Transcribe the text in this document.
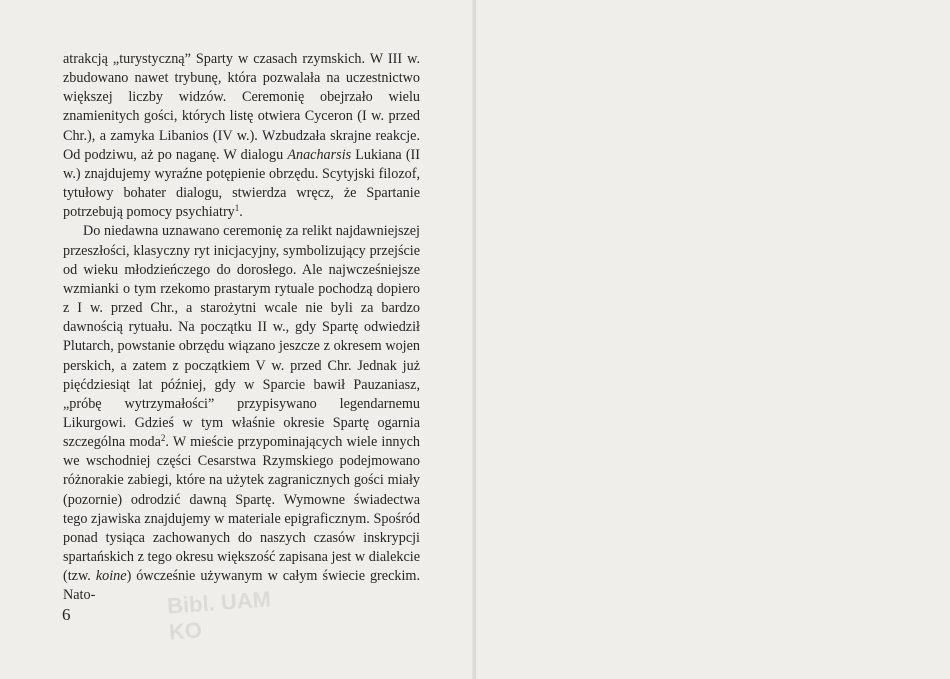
atrakcją „turystyczną” Sparty w czasach rzymskich. W III w. zbudowano nawet trybunę, która pozwalała na uczestnictwo większej liczby widzów. Ceremonię obejrzało wielu znamienitych gości, których listę otwiera Cyceron (I w. przed Chr.), a zamyka Libanios (IV w.). Wzbudzała skrajne reakcje. Od podziwu, aż po naganę. W dialogu Anacharsis Lukiana (II w.) znajdujemy wyraźne potępienie obrzędu. Scytyjski filozof, tytułowy bohater dialogu, stwierdza wręcz, że Spartanie potrzebują pomocy psychiatry$^1$.

Do niedawna uznawano ceremonię za relikt najdawniejszej przeszłości, klasyczny ryt inicjacyjny, symbolizujący przejście od wieku młodzieńczego do dorosłego. Ale najwcześniejsze wzmianki o tym rzekomo prastarym rytuale pochodzą dopiero z I w. przed Chr., a starożytni wcale nie byli za bardzo dawnością rytuału. Na początku II w., gdy Spartę odwiedził Plutarch, powstanie obrzędu wiązano jeszcze z okresem wojen perskich, a zatem z początkiem V w. przed Chr. Jednak już pięćdziesiąt lat później, gdy w Sparcie bawił Pauzaniasz, „próbę wytrzymałości” przypisywano legendarnemu Likurgowi. Gdzieś w tym właśnie okresie Spartę ogarnia szczególna moda$^2$. W mieście przypominających wiele innych we wschodniej części Cesarstwa Rzymskiego podejmowano różnorakie zabiegi, które na użytek zagranicznych gości miały (pozornie) odrodzić dawną Spartę. Wymowne świadectwa tego zjawiska znajdujemy w materiale epigraficznym. Spośród ponad tysiąca zachowanych do naszych czasów inskrypcji spartańskich z tego okresu większość zapisana jest w dialekcie (tzw. koine) ówcześnie używanym w całym świecie greckim. Nato-

6	Bibl. UAM
KO
